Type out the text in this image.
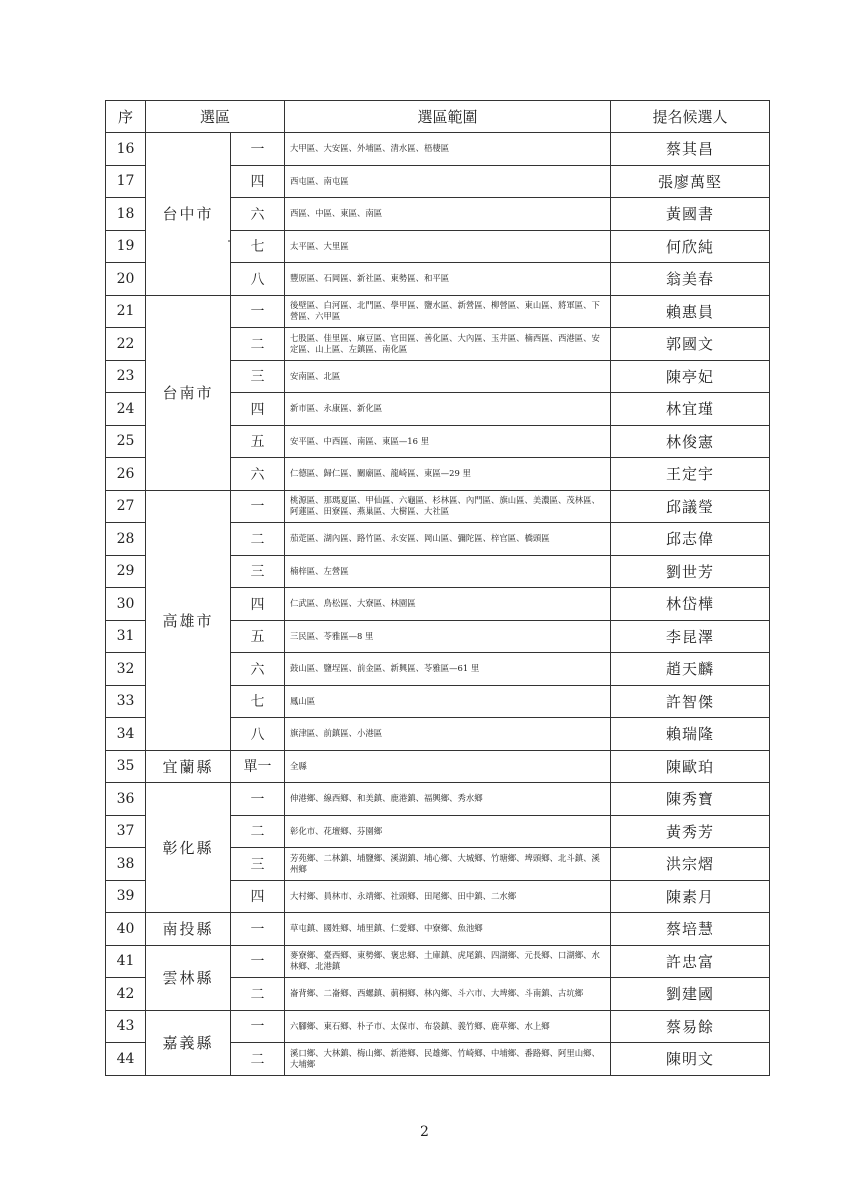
序	選區		選區範圍	提名候選人
16	台中市	一	大甲區、大安區、外埔區、清水區、梧棲區	蔡其昌
17		四	西屯區、南屯區	張廖萬堅
18		六	西區、中區、東區、南區	黃國書
19		七	太平區、大里區	何欣純
20		八	豐原區、石岡區、新社區、東勢區、和平區	翁美春
21	台南市	一	後壁區、白河區、北門區、學甲區、鹽水區、新營區、柳營區、東山區、將軍區、下營區、六甲區	賴惠員
22		二	七股區、佳里區、麻豆區、官田區、善化區、大內區、玉井區、楠西區、西港區、安定區、山上區、左鎮區、南化區	郭國文
23		三	安南區、北區	陳亭妃
24		四	新市區、永康區、新化區	林宜瑾
25		五	安平區、中西區、南區、東區—16 里	林俊憲
26		六	仁德區、歸仁區、關廟區、龍崎區、東區—29 里	王定宇
27	高雄市	一	桃源區、那瑪夏區、甲仙區、六龜區、杉林區、內門區、旗山區、美濃區、茂林區、阿蓮區、田寮區、燕巢區、大樹區、大社區	邱議瑩
28		二	茄萣區、湖內區、路竹區、永安區、岡山區、彌陀區、梓官區、橋頭區	邱志偉
29		三	楠梓區、左營區	劉世芳
30		四	仁武區、鳥松區、大寮區、林園區	林岱樺
31		五	三民區、苓雅區—8 里	李昆澤
32		六	鼓山區、鹽埕區、前金區、新興區、苓雅區—61 里	趙天麟
33		七	鳳山區	許智傑
34		八	旗津區、前鎮區、小港區	賴瑞隆
35	宜蘭縣	單一	全縣	陳歐珀
36	彰化縣	一	伸港鄉、線西鄉、和美鎮、鹿港鎮、福興鄉、秀水鄉	陳秀寶
37		二	彰化市、花壇鄉、芬園鄉	黃秀芳
38		三	芳苑鄉、二林鎮、埔鹽鄉、溪湖鎮、埔心鄉、大城鄉、竹塘鄉、埤頭鄉、北斗鎮、溪州鄉	洪宗熠
39		四	大村鄉、員林市、永靖鄉、社頭鄉、田尾鄉、田中鎮、二水鄉	陳素月
40	南投縣	一	草屯鎮、國姓鄉、埔里鎮、仁愛鄉、中寮鄉、魚池鄉	蔡培慧
41	雲林縣	一	麥寮鄉、臺西鄉、東勢鄉、褒忠鄉、土庫鎮、虎尾鎮、四湖鄉、元長鄉、口湖鄉、水林鄉、北港鎮	許忠富
42		二	崙背鄉、二崙鄉、西螺鎮、莿桐鄉、林內鄉、斗六市、大埤鄉、斗南鎮、古坑鄉	劉建國
43	嘉義縣	一	六腳鄉、東石鄉、朴子市、太保市、布袋鎮、義竹鄉、鹿草鄉、水上鄉	蔡易餘
44		二	溪口鄉、大林鎮、梅山鄉、新港鄉、民雄鄉、竹崎鄉、中埔鄉、番路鄉、阿里山鄉、大埔鄉	陳明文
2
